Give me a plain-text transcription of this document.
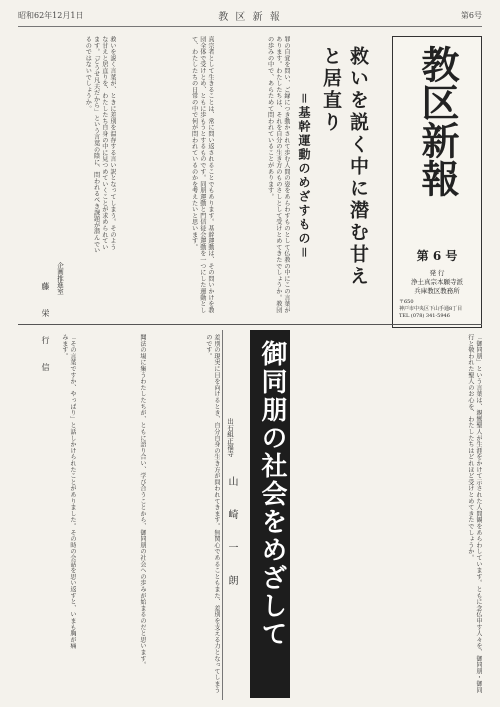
昭和62年12月1日	教 区 新 報	第6号
教区新報
第 6 号
発 行
浄土真宗本願寺派
兵庫教区教務所
〒650
神戸市中央区下山手通8丁目
TEL (078) 341-5946
救いを説く中に潜む甘えと居直り
＝基幹運動のめざすもの＝
罪の自覚を問い、ご縁につき動かされて歩む人間の姿をあらわすものとして仏教の中にこの言葉があります。わたしたちは、それを自分の生き方のものさしとして受けとめてきたでしょうか。教団の歩みの中で、あらためて問われていることがあります。
真宗者として生きることは、常に問い返されることでもあります。基幹運動は、その問いかけを教団全体で受けとめ、ともに歩もうとするものです。同朋運動と門信徒会運動を一つにした運動として、わたしたちの日常の中で何が問われているのかを考えたいと思います。
救いを説く言葉が、ときに差別を温存する言い訳となってしまう。そのような甘えと居直りを、わたしたち自身の中に見つめていくことが求められています。「どうせ凡夫だから」という言葉の陰に、問われるべき課題が潜んでいるのではないでしょうか。
企画推進室
藤 栄 行 信
御同朋の社会をめざして
出石組正福寺
山 崎 一 朗	「御同朋」という言葉は、親鸞聖人が生涯をかけて示された人間観をあらわしています。ともに念仏申す人々を、御同朋・御同行と敬われた聖人のお心を、わたしたちはどれほど受けとめてきたでしょうか。
差別の現実に目を向けるとき、自分自身の生き方が問われてきます。無関心であることもまた、差別を支える力となってしまうのです。
聞法の場に集うわたしたちが、ともに語り合い、学び合うことから、御同朋の社会への歩みが始まるのだと思います。
「その言葉ですか、やっぱり」と話しかけられたことがありました。その時の会話を思い返すと、いまも胸が痛みます。
